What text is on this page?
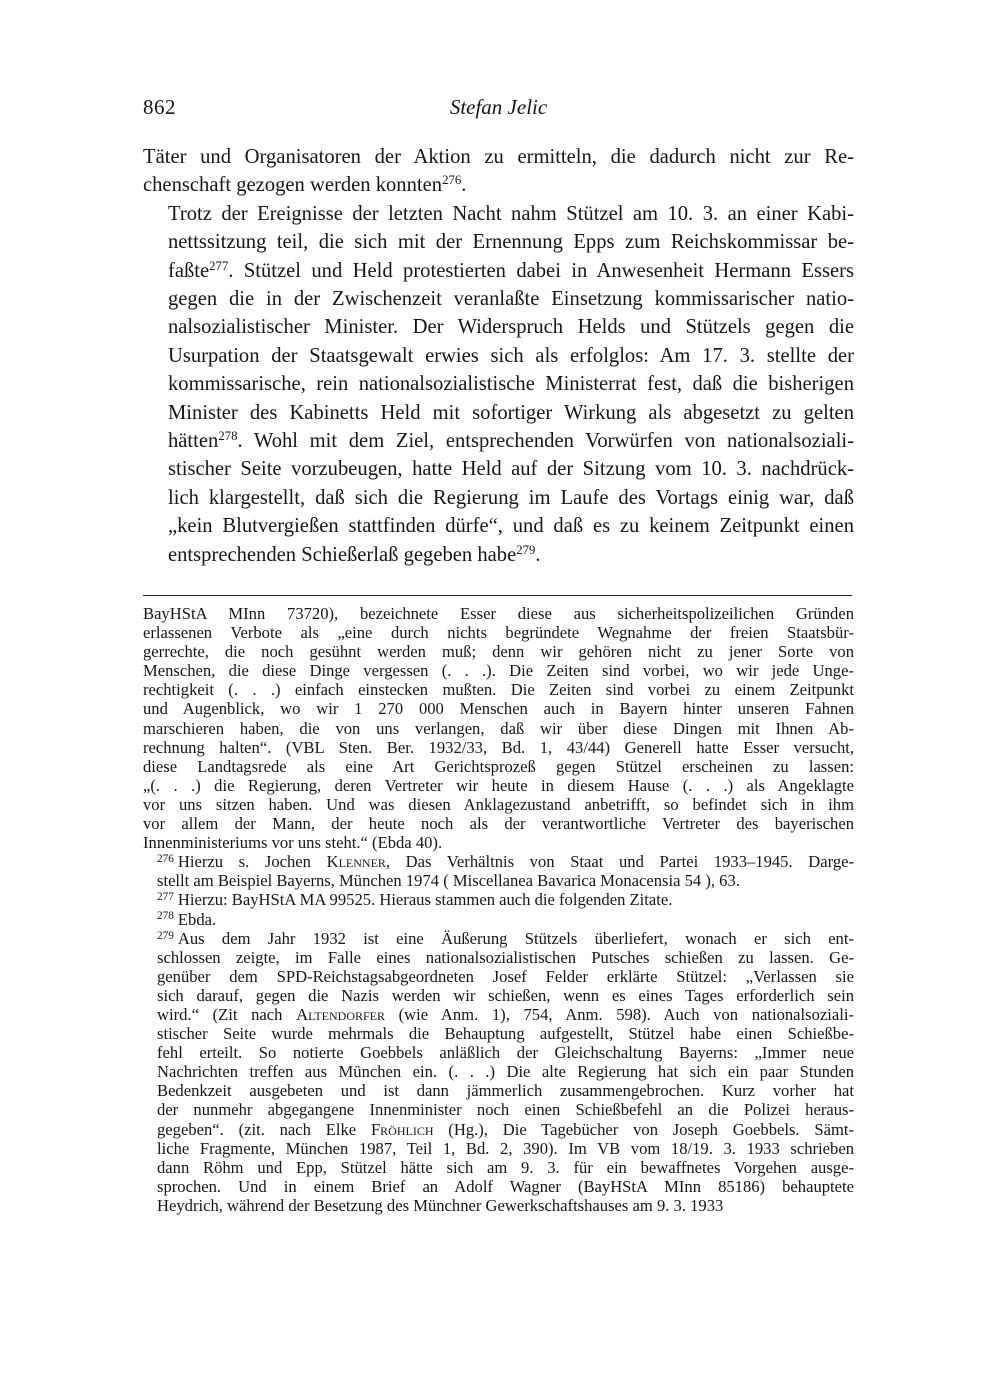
862	Stefan Jelic

Täter und Organisatoren der Aktion zu ermitteln, die dadurch nicht zur Re-
chenschaft gezogen werden konnten$^{276}$.

Trotz der Ereignisse der letzten Nacht nahm Stützel am 10. 3. an einer Kabi-
nettssitzung teil, die sich mit der Ernennung Epps zum Reichskommissar be-
faßte$^{277}$. Stützel und Held protestierten dabei in Anwesenheit Hermann Essers
gegen die in der Zwischenzeit veranlaßte Einsetzung kommissarischer natio-
nalsozialistischer Minister. Der Widerspruch Helds und Stützels gegen die
Usurpation der Staatsgewalt erwies sich als erfolglos: Am 17. 3. stellte der
kommissarische, rein nationalsozialistische Ministerrat fest, daß die bisherigen
Minister des Kabinetts Held mit sofortiger Wirkung als abgesetzt zu gelten
hätten$^{278}$. Wohl mit dem Ziel, entsprechenden Vorwürfen von nationalsoziali-
stischer Seite vorzubeugen, hatte Held auf der Sitzung vom 10. 3. nachdrück-
lich klargestellt, daß sich die Regierung im Laufe des Vortags einig war, daß
„kein Blutvergießen stattfinden dürfe“, und daß es zu keinem Zeitpunkt einen
entsprechenden Schießerlaß gegeben habe$^{279}$.

BayHStA MInn 73720), bezeichnete Esser diese aus sicherheitspolizeilichen Gründen
erlassenen Verbote als „eine durch nichts begründete Wegnahme der freien Staatsbür-
gerrechte, die noch gesühnt werden muß; denn wir gehören nicht zu jener Sorte von
Menschen, die diese Dinge vergessen (. . .). Die Zeiten sind vorbei, wo wir jede Unge-
rechtigkeit (. . .) einfach einstecken mußten. Die Zeiten sind vorbei zu einem Zeitpunkt
und Augenblick, wo wir 1 270 000 Menschen auch in Bayern hinter unseren Fahnen
marschieren haben, die von uns verlangen, daß wir über diese Dingen mit Ihnen Ab-
rechnung halten“. (VBL Sten. Ber. 1932/33, Bd. 1, 43/44) Generell hatte Esser versucht,
diese Landtagsrede als eine Art Gerichtsprozeß gegen Stützel erscheinen zu lassen:
„(. . .) die Regierung, deren Vertreter wir heute in diesem Hause (. . .) als Angeklagte
vor uns sitzen haben. Und was diesen Anklagezustand anbetrifft, so befindet sich in ihm
vor allem der Mann, der heute noch als der verantwortliche Vertreter des bayerischen
Innenministeriums vor uns steht.“ (Ebda 40).

$^{276}$ Hierzu s. Jochen Klenner, Das Verhältnis von Staat und Partei 1933–1945. Darge-
stellt am Beispiel Bayerns, München 1974 ( Miscellanea Bavarica Monacensia 54 ), 63.

$^{277}$ Hierzu: BayHStA MA 99525. Hieraus stammen auch die folgenden Zitate.

$^{278}$ Ebda.

$^{279}$ Aus dem Jahr 1932 ist eine Äußerung Stützels überliefert, wonach er sich ent-
schlossen zeigte, im Falle eines nationalsozialistischen Putsches schießen zu lassen. Ge-
genüber dem SPD-Reichstagsabgeordneten Josef Felder erklärte Stützel: „Verlassen sie
sich darauf, gegen die Nazis werden wir schießen, wenn es eines Tages erforderlich sein
wird.“ (Zit nach Altendorfer (wie Anm. 1), 754, Anm. 598). Auch von nationalsoziali-
stischer Seite wurde mehrmals die Behauptung aufgestellt, Stützel habe einen Schießbe-
fehl erteilt. So notierte Goebbels anläßlich der Gleichschaltung Bayerns: „Immer neue
Nachrichten treffen aus München ein. (. . .) Die alte Regierung hat sich ein paar Stunden
Bedenkzeit ausgebeten und ist dann jämmerlich zusammengebrochen. Kurz vorher hat
der nunmehr abgegangene Innenminister noch einen Schießbefehl an die Polizei heraus-
gegeben“. (zit. nach Elke Fröhlich (Hg.), Die Tagebücher von Joseph Goebbels. Sämt-
liche Fragmente, München 1987, Teil 1, Bd. 2, 390). Im VB vom 18/19. 3. 1933 schrieben
dann Röhm und Epp, Stützel hätte sich am 9. 3. für ein bewaffnetes Vorgehen ausge-
sprochen. Und in einem Brief an Adolf Wagner (BayHStA MInn 85186) behauptete
Heydrich, während der Besetzung des Münchner Gewerkschaftshauses am 9. 3. 1933
